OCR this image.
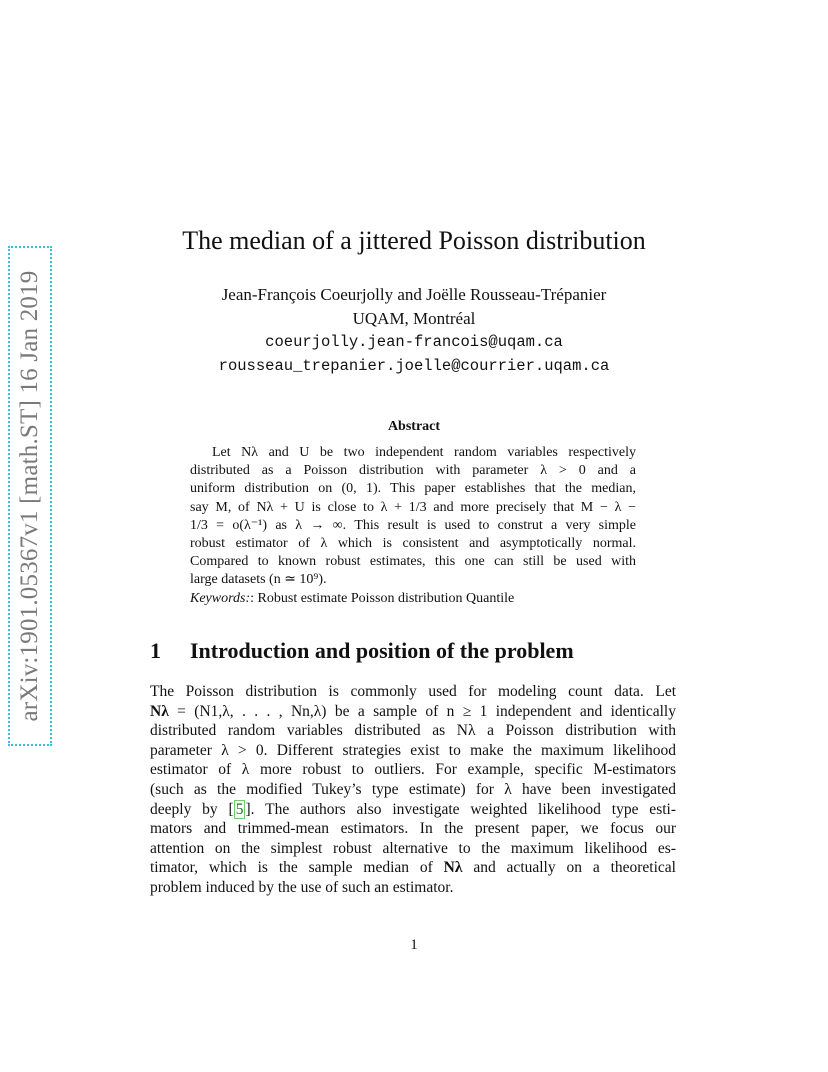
arXiv:1901.05367v1 [math.ST] 16 Jan 2019
The median of a jittered Poisson distribution
Jean-François Coeurjolly and Joëlle Rousseau-Trépanier
UQAM, Montréal
coeurjolly.jean-francois@uqam.ca
rousseau_trepanier.joelle@courrier.uqam.ca
Abstract
Let Nλ and U be two independent random variables respectively
distributed as a Poisson distribution with parameter λ > 0 and a
uniform distribution on (0, 1). This paper establishes that the median,
say M, of Nλ + U is close to λ + 1/3 and more precisely that M − λ −
1/3 = o(λ⁻¹) as λ → ∞. This result is used to construt a very simple
robust estimator of λ which is consistent and asymptotically normal.
Compared to known robust estimates, this one can still be used with
large datasets (n ≃ 10⁹).
Keywords:: Robust estimate Poisson distribution Quantile
1 Introduction and position of the problem
The Poisson distribution is commonly used for modeling count data. Let
Nλ = (N1,λ, . . . , Nn,λ) be a sample of n ≥ 1 independent and identically
distributed random variables distributed as Nλ a Poisson distribution with
parameter λ > 0. Different strategies exist to make the maximum likelihood
estimator of λ more robust to outliers. For example, specific M-estimators
(such as the modified Tukey’s type estimate) for λ have been investigated
deeply by [ 5 ]. The authors also investigate weighted likelihood type esti-
mators and trimmed-mean estimators. In the present paper, we focus our
attention on the simplest robust alternative to the maximum likelihood es-
timator, which is the sample median of Nλ and actually on a theoretical
problem induced by the use of such an estimator.
1
